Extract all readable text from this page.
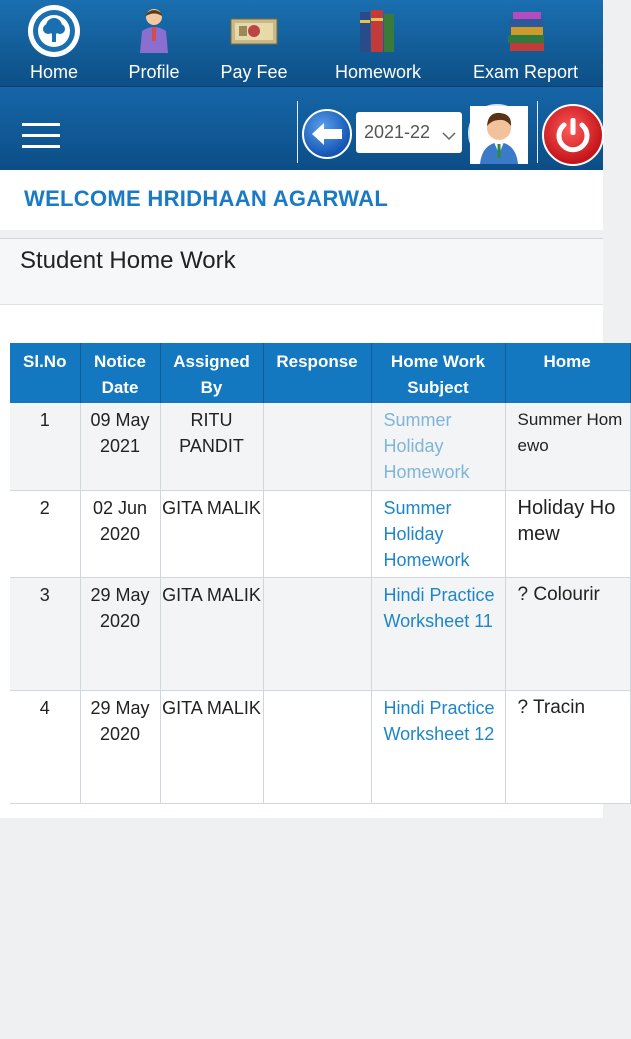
Home	Profile Pay Fee	Homework	Exam Report
2021-22
WELCOME HRIDHAAN AGARWAL
Student Home Work
Sl.No	Notice Date	Assigned By	Response	Home Work Subject	Home
1	09 May 2021	RITU PANDIT		Summer Holiday Homework	Summer Homewo
2	02 Jun 2020	GITA MALIK		Summer Holiday Homework	Holiday Homew
3	29 May 2020	GITA MALIK		Hindi Practice Worksheet 11	? Colourir
4	29 May 2020	GITA MALIK		Hindi Practice Worksheet 12	? Tracin
